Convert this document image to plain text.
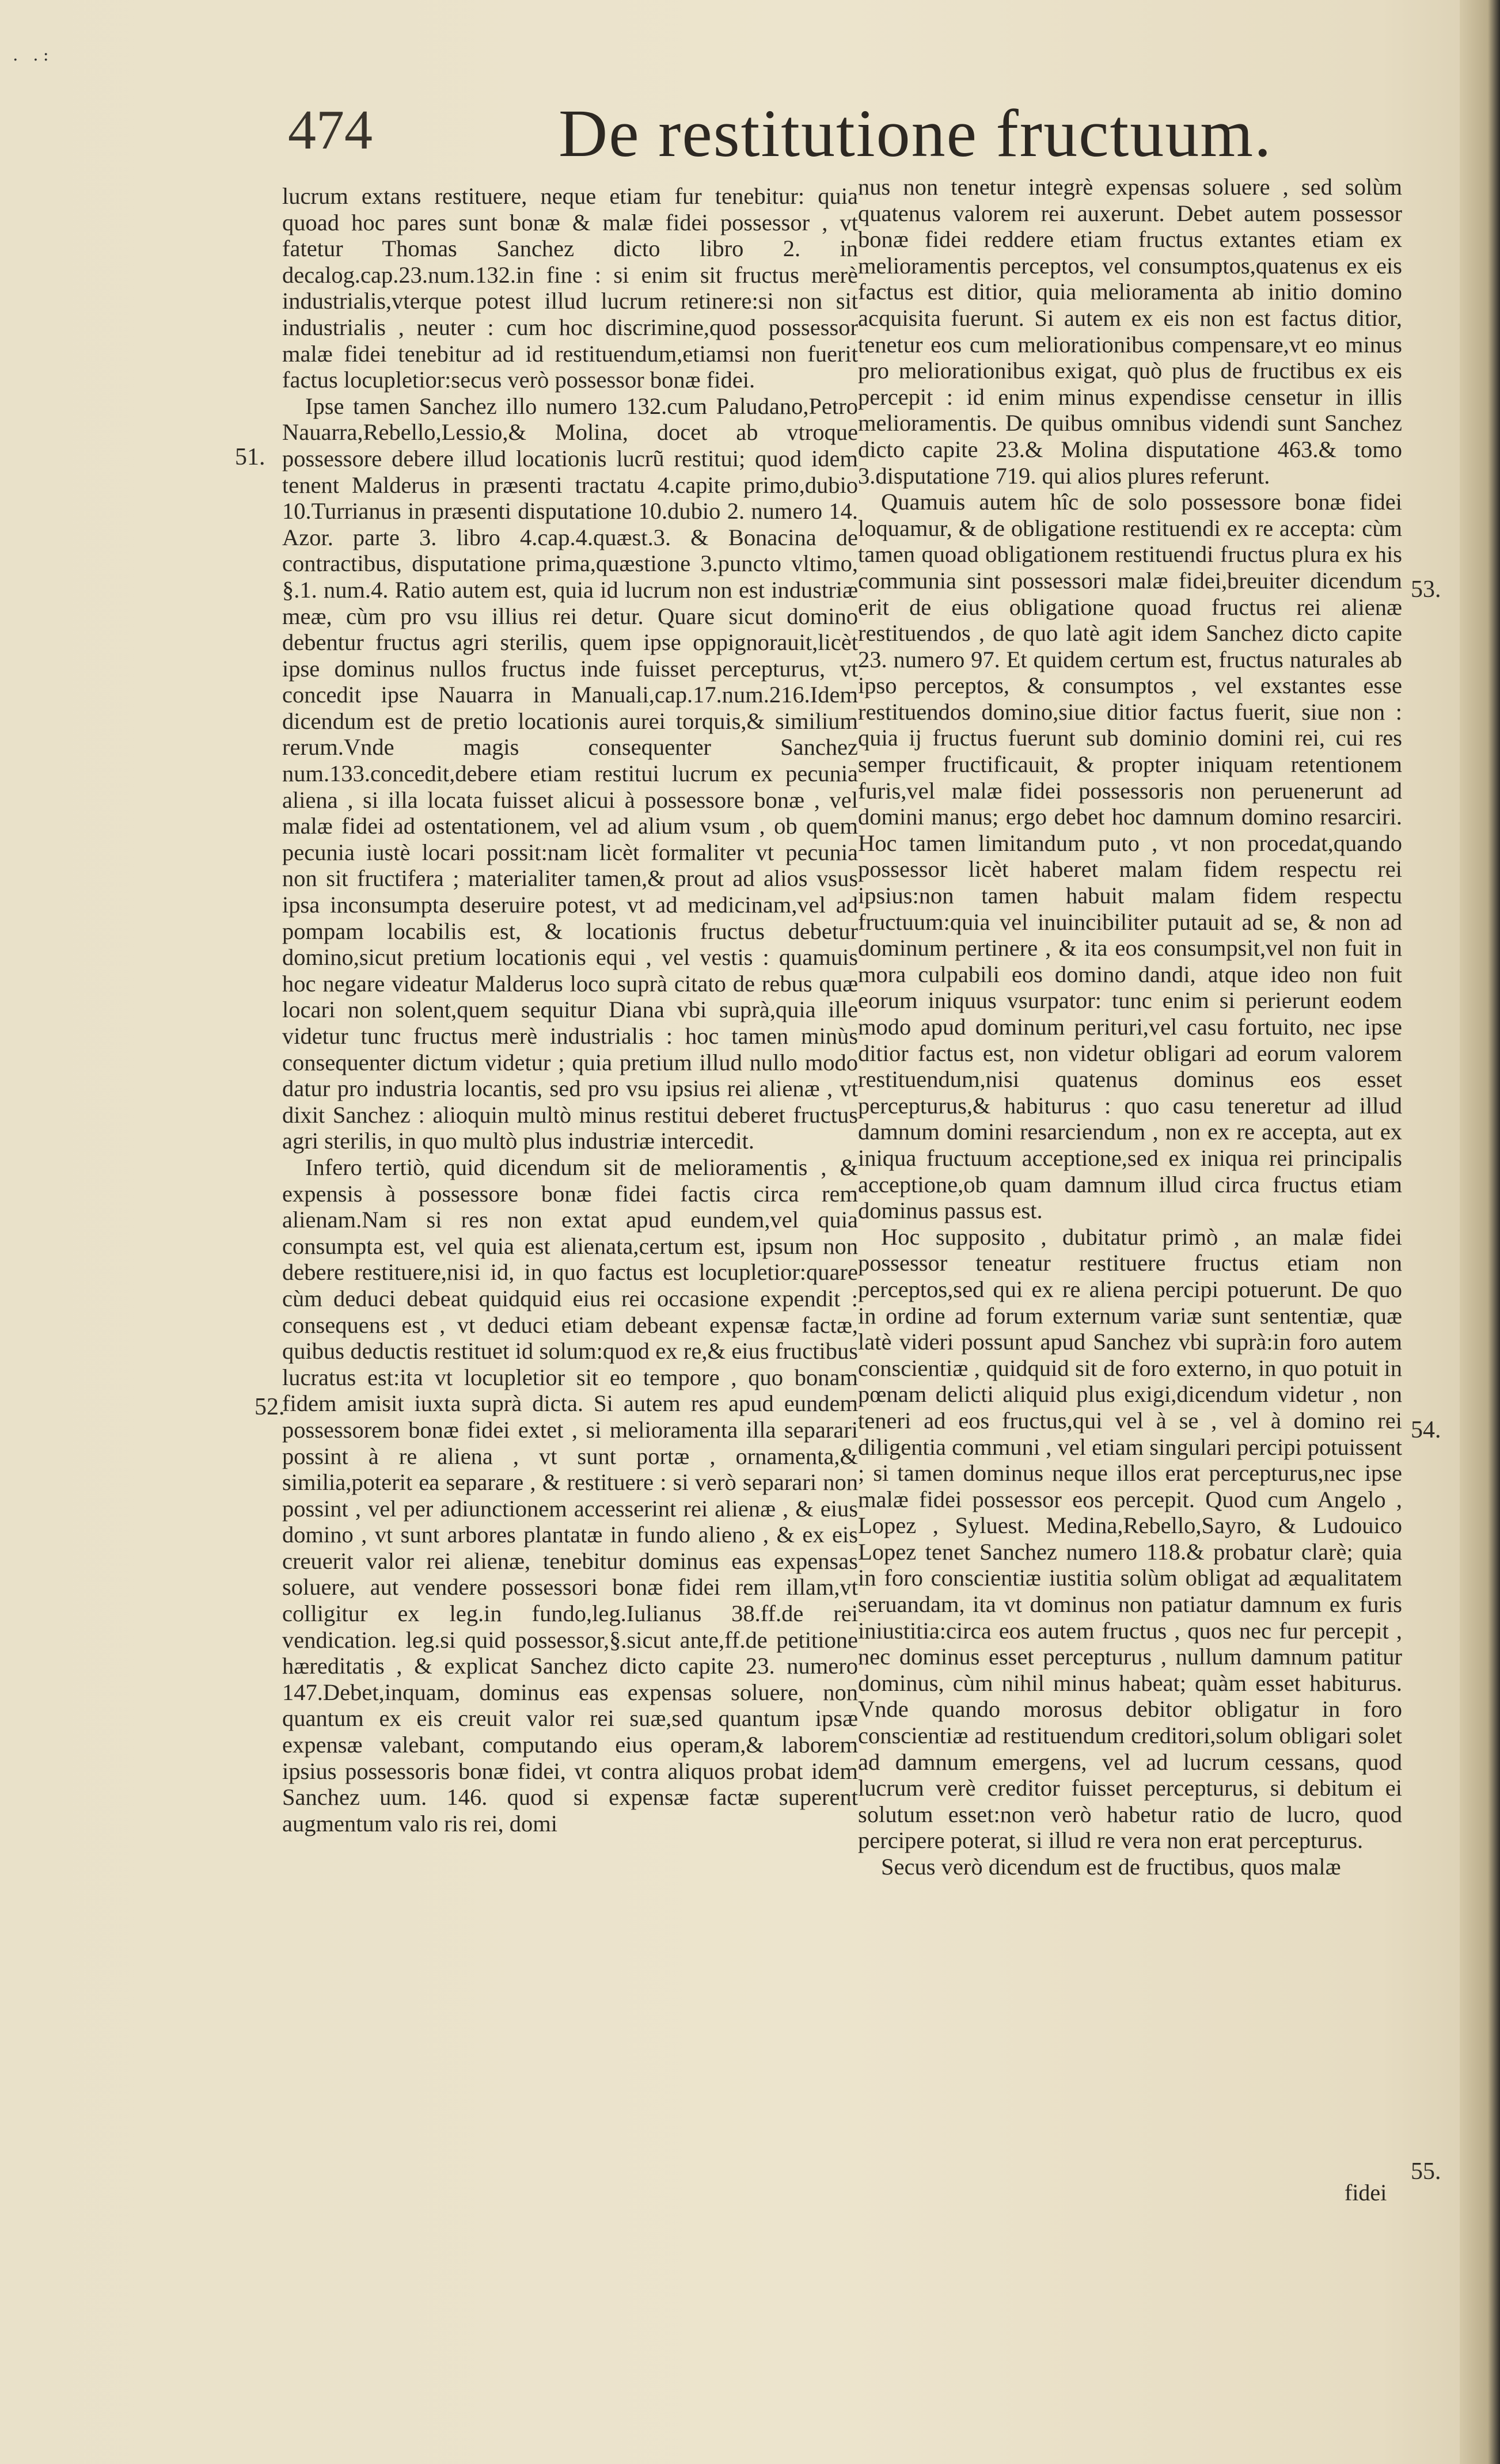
. .:
474	De restitutione fructuum.

lucrum extans restituere, neque etiam fur tenebitur: quia quoad hoc pares sunt bonæ & malæ fidei possessor , vt fatetur Thomas Sanchez dicto libro 2. in decalog.cap.23.num.132.in fine : si enim sit fructus merè industrialis,vterque potest illud lucrum retinere:si non sit industrialis , neuter : cum hoc discrimine,quod possessor malæ fidei tenebitur ad id restituendum,etiamsi non fuerit factus locupletior:secus verò possessor bonæ fidei.

Ipse tamen Sanchez illo numero 132.cum Paludano,Petro Nauarra,Rebello,Lessio,& Molina, docet ab vtroque possessore debere illud locationis lucrũ restitui; quod idem tenent Malderus in præsenti tractatu 4.capite primo,dubio 10.Turrianus in præsenti disputatione 10.dubio 2. numero 14. Azor. parte 3. libro 4.cap.4.quæst.3. & Bonacina de contractibus, disputatione prima,quæstione 3.puncto vltimo, §.1. num.4. Ratio autem est, quia id lucrum non est industriæ meæ, cùm pro vsu illius rei detur. Quare sicut domino debentur fructus agri sterilis, quem ipse oppignorauit,licèt ipse dominus nullos fructus inde fuisset percepturus, vt concedit ipse Nauarra in Manuali,cap.17.num.216.Idem dicendum est de pretio locationis aurei torquis,& similium rerum.Vnde magis consequenter Sanchez num.133.concedit,debere etiam restitui lucrum ex pecunia aliena , si illa locata fuisset alicui à possessore bonæ , vel malæ fidei ad ostentationem, vel ad alium vsum , ob quem pecunia iustè locari possit:nam licèt formaliter vt pecunia non sit fructifera ; materialiter tamen,& prout ad alios vsus ipsa inconsumpta deseruire potest, vt ad medicinam,vel ad pompam locabilis est, & locationis fructus debetur domino,sicut pretium locationis equi , vel vestis : quamuis hoc negare videatur Malderus loco suprà citato de rebus quæ locari non solent,quem sequitur Diana vbi suprà,quia ille videtur tunc fructus merè industrialis : hoc tamen minùs consequenter dictum videtur ; quia pretium illud nullo modo datur pro industria locantis, sed pro vsu ipsius rei alienæ , vt dixit Sanchez : alioquin multò minus restitui deberet fructus agri sterilis, in quo multò plus industriæ intercedit.

Infero tertiò, quid dicendum sit de melioramentis , & expensis à possessore bonæ fidei factis circa rem alienam.Nam si res non extat apud eundem,vel quia consumpta est, vel quia est alienata,certum est, ipsum non debere restituere,nisi id, in quo factus est locupletior:quare cùm deduci debeat quidquid eius rei occasione expendit : consequens est , vt deduci etiam debeant expensæ factæ, quibus deductis restituet id solum:quod ex re,& eius fructibus lucratus est:ita vt locupletior sit eo tempore , quo bonam fidem amisit iuxta suprà dicta. Si autem res apud eundem possessorem bonæ fidei extet , si melioramenta illa separari possint à re aliena , vt sunt portæ , ornamenta,& similia,poterit ea separare , & restituere : si verò separari non possint , vel per adiunctionem accesserint rei alienæ , & eius domino , vt sunt arbores plantatæ in fundo alieno , & ex eis creuerit valor rei alienæ, tenebitur dominus eas expensas soluere, aut vendere possessori bonæ fidei rem illam,vt colligitur ex leg.in fundo,leg.Iulianus 38.ff.de rei vendication. leg.si quid possessor,§.sicut ante,ff.de petitione hæreditatis , & explicat Sanchez dicto capite 23. numero 147.Debet,inquam, dominus eas expensas soluere, non quantum ex eis creuit valor rei suæ,sed quantum ipsæ expensæ valebant, computando eius operam,& laborem ipsius possessoris bonæ fidei, vt contra aliquos probat idem Sanchez uum. 146. quod si expensæ factæ superent augmentum valo ris rei, domi

nus non tenetur integrè expensas soluere , sed solùm quatenus valorem rei auxerunt. Debet autem possessor bonæ fidei reddere etiam fructus extantes etiam ex melioramentis perceptos, vel consumptos,quatenus ex eis factus est ditior, quia melioramenta ab initio domino acquisita fuerunt. Si autem ex eis non est factus ditior, tenetur eos cum meliorationibus compensare,vt eo minus pro meliorationibus exigat, quò plus de fructibus ex eis percepit : id enim minus expendisse censetur in illis melioramentis. De quibus omnibus videndi sunt Sanchez dicto capite 23.& Molina disputatione 463.& tomo 3.disputatione 719. qui alios plures referunt.

Quamuis autem hîc de solo possessore bonæ fidei loquamur, & de obligatione restituendi ex re accepta: cùm tamen quoad obligationem restituendi fructus plura ex his communia sint possessori malæ fidei,breuiter dicendum erit de eius obligatione quoad fructus rei alienæ restituendos , de quo latè agit idem Sanchez dicto capite 23. numero 97. Et quidem certum est, fructus naturales ab ipso perceptos, & consumptos , vel exstantes esse restituendos domino,siue ditior factus fuerit, siue non : quia ij fructus fuerunt sub dominio domini rei, cui res semper fructificauit, & propter iniquam retentionem furis,vel malæ fidei possessoris non peruenerunt ad domini manus; ergo debet hoc damnum domino resarciri. Hoc tamen limitandum puto , vt non procedat,quando possessor licèt haberet malam fidem respectu rei ipsius:non tamen habuit malam fidem respectu fructuum:quia vel inuincibiliter putauit ad se, & non ad dominum pertinere , & ita eos consumpsit,vel non fuit in mora culpabili eos domino dandi, atque ideo non fuit eorum iniquus vsurpator: tunc enim si perierunt eodem modo apud dominum perituri,vel casu fortuito, nec ipse ditior factus est, non videtur obligari ad eorum valorem restituendum,nisi quatenus dominus eos esset percepturus,& habiturus : quo casu teneretur ad illud damnum domini resarciendum , non ex re accepta, aut ex iniqua fructuum acceptione,sed ex iniqua rei principalis acceptione,ob quam damnum illud circa fructus etiam dominus passus est.

Hoc supposito , dubitatur primò , an malæ fidei possessor teneatur restituere fructus etiam non perceptos,sed qui ex re aliena percipi potuerunt. De quo in ordine ad forum externum variæ sunt sententiæ, quæ latè videri possunt apud Sanchez vbi suprà:in foro autem conscientiæ , quidquid sit de foro externo, in quo potuit in pœnam delicti aliquid plus exigi,dicendum videtur , non teneri ad eos fructus,qui vel à se , vel à domino rei diligentia communi , vel etiam singulari percipi potuissent ; si tamen dominus neque illos erat percepturus,nec ipse malæ fidei possessor eos percepit. Quod cum Angelo , Lopez , Syluest. Medina,Rebello,Sayro, & Ludouico Lopez tenet Sanchez numero 118.& probatur clarè; quia in foro conscientiæ iustitia solùm obligat ad æqualitatem seruandam, ita vt dominus non patiatur damnum ex furis iniustitia:circa eos autem fructus , quos nec fur percepit , nec dominus esset percepturus , nullum damnum patitur dominus, cùm nihil minus habeat; quàm esset habiturus. Vnde quando morosus debitor obligatur in foro conscientiæ ad restituendum creditori,solum obligari solet ad damnum emergens, vel ad lucrum cessans, quod lucrum verè creditor fuisset percepturus, si debitum ei solutum esset:non verò habetur ratio de lucro, quod percipere poterat, si illud re vera non erat percepturus.

Secus verò dicendum est de fructibus, quos malæ

fidei
51.
52.
53.
54.
55.
